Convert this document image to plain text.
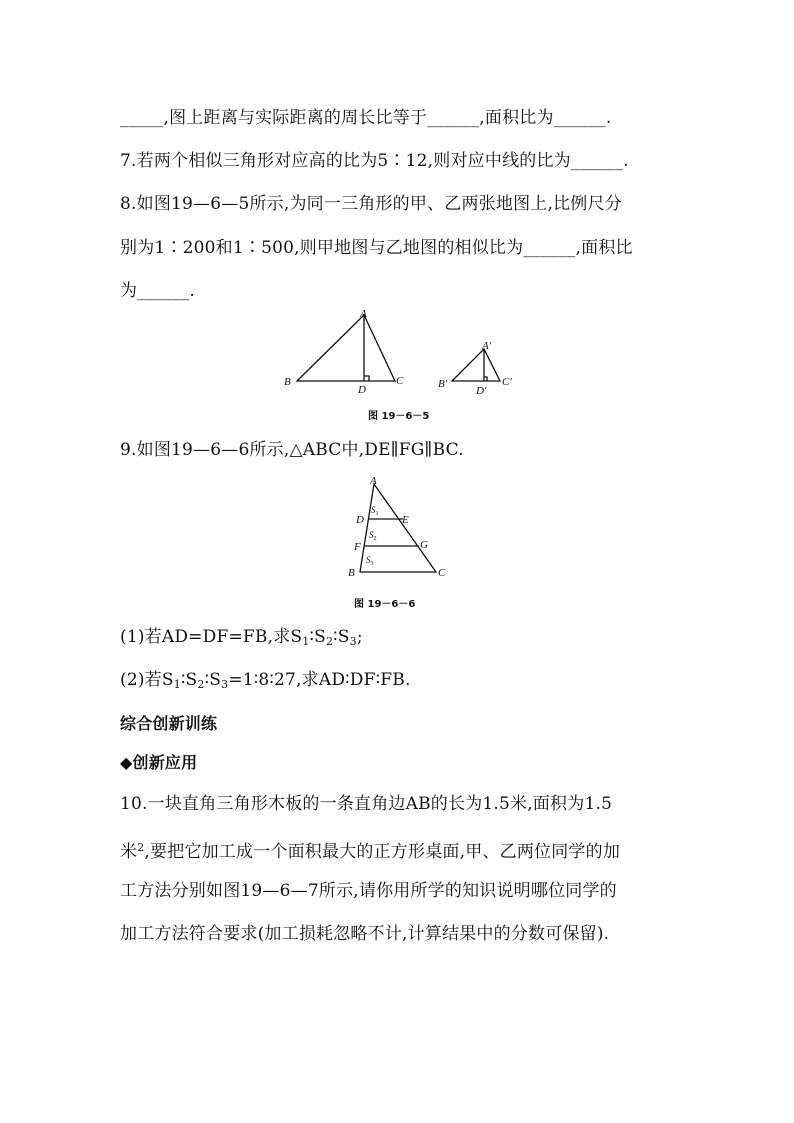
_____,图上距离与实际距离的周长比等于______,面积比为______.
7.若两个相似三角形对应高的比为5∶12,则对应中线的比为______.
8.如图19—6—5所示,为同一三角形的甲、乙两张地图上,比例尺分
别为1∶200和1∶500,则甲地图与乙地图的相似比为______,面积比
为______.
A
B	C
D
A′
B′	C′
D′
图 19－6－5
9.如图19—6—6所示,△ABC中,DE∥FG∥BC.
A
B	C
D	E
F	G
$S_1$
$S_2$
$S_3$
图 19－6－6
(1)若AD=DF=FB,求$S_1∶S_2∶S_3$;
(2)若$S_1∶S_2∶S_3=1∶8∶27$,求AD∶DF∶FB.
综合创新训练
◆创新应用
10.一块直角三角形木板的一条直角边AB的长为1.5米,面积为1.5
米$^2$,要把它加工成一个面积最大的正方形桌面,甲、乙两位同学的加
工方法分别如图19—6—7所示,请你用所学的知识说明哪位同学的
加工方法符合要求(加工损耗忽略不计,计算结果中的分数可保留).
